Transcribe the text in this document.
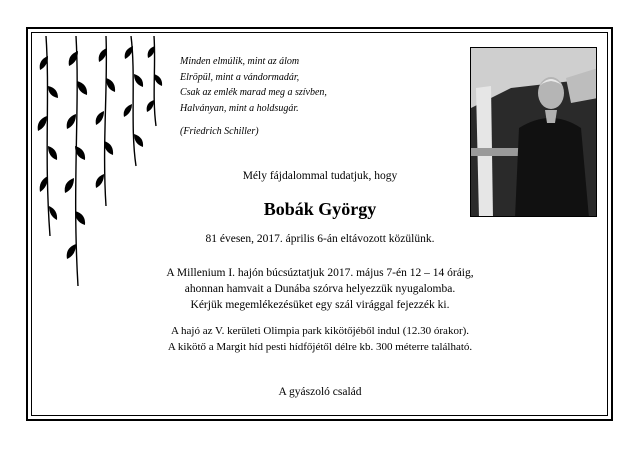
Minden elmúlik, mint az álom
Elröpül, mint a vándormadár,
Csak az emlék marad meg a szívben,
Halványan, mint a holdsugár.
(Friedrich Schiller)
Mély fájdalommal tudatjuk, hogy
Bobák György
81 évesen, 2017. április 6-án eltávozott közülünk.
A Millenium I. hajón búcsúztatjuk 2017. május 7-én 12 – 14 óráig,
ahonnan hamvait a Dunába szórva helyezzük nyugalomba.
Kérjük megemlékezésüket egy szál virággal fejezzék ki.
A hajó az V. kerületi Olimpia park kikötőjéből indul (12.30 órakor).
A kikötő a Margit híd pesti hídfőjétől délre kb. 300 méterre található.
A gyászoló család
